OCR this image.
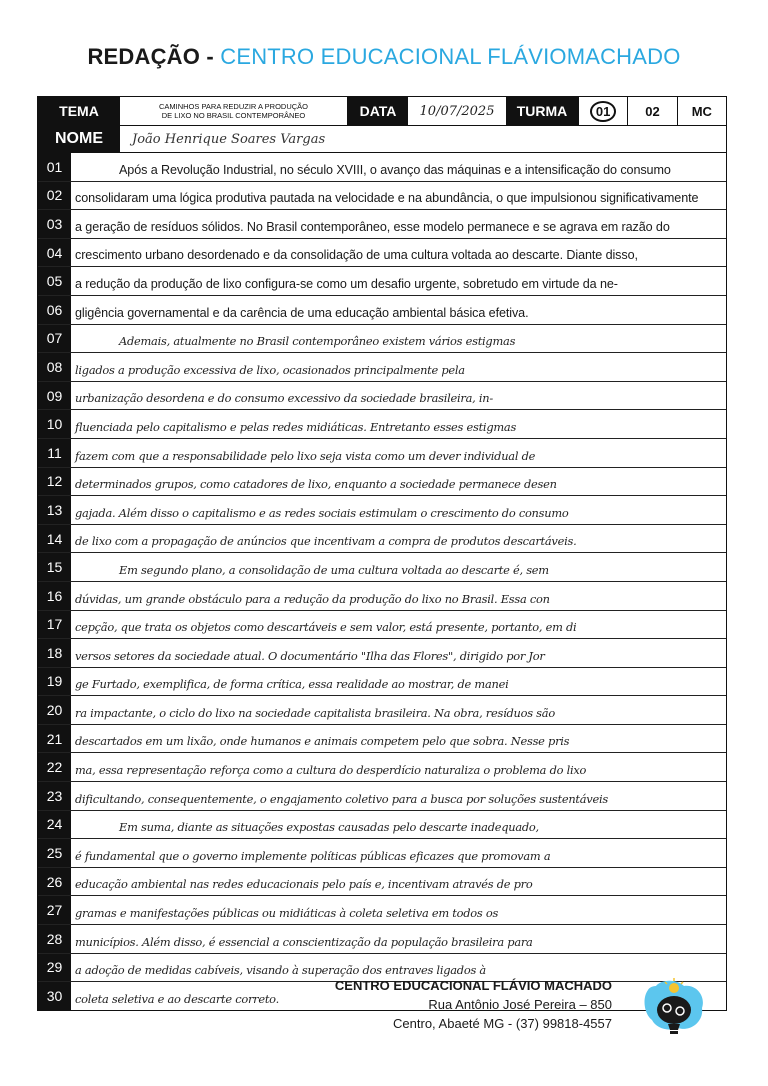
REDAÇÃO - CENTRO EDUCACIONAL FLÁVIOMACHADO
TEMA	CAMINHOS PARA REDUZIR A PRODUÇÃO
DE LIXO NO BRASIL CONTEMPORÂNEO	DATA	10/07/2025	TURMA	01	02	MC
NOME	João Henrique Soares Vargas
01	Após a Revolução Industrial, no século XVIII, o avanço das máquinas e a intensificação do consumo
02	consolidaram uma lógica produtiva pautada na velocidade e na abundância, o que impulsionou significativamente
03	a geração de resíduos sólidos. No Brasil contemporâneo, esse modelo permanece e se agrava em razão do
04	crescimento urbano desordenado e da consolidação de uma cultura voltada ao descarte. Diante disso,
05	a redução da produção de lixo configura-se como um desafio urgente, sobretudo em virtude da ne-
06	gligência governamental e da carência de uma educação ambiental básica efetiva.
07	Ademais, atualmente no Brasil contemporâneo existem vários estigmas
08	ligados a produção excessiva de lixo, ocasionados principalmente pela
09	urbanização desordena e do consumo excessivo da sociedade brasileira, in-
10	fluenciada pelo capitalismo e pelas redes midiáticas. Entretanto esses estigmas
11	fazem com que a responsabilidade pelo lixo seja vista como um dever individual de
12	determinados grupos, como catadores de lixo, enquanto a sociedade permanece desen
13	gajada. Além disso o capitalismo e as redes sociais estimulam o crescimento do consumo
14	de lixo com a propagação de anúncios que incentivam a compra de produtos descartáveis.
15	Em segundo plano, a consolidação de uma cultura voltada ao descarte é, sem
16	dúvidas, um grande obstáculo para a redução da produção do lixo no Brasil. Essa con
17	cepção, que trata os objetos como descartáveis e sem valor, está presente, portanto, em di
18	versos setores da sociedade atual. O documentário "Ilha das Flores", dirigido por Jor
19	ge Furtado, exemplifica, de forma crítica, essa realidade ao mostrar, de manei
20	ra impactante, o ciclo do lixo na sociedade capitalista brasileira. Na obra, resíduos são
21	descartados em um lixão, onde humanos e animais competem pelo que sobra. Nesse pris
22	ma, essa representação reforça como a cultura do desperdício naturaliza o problema do lixo
23	dificultando, consequentemente, o engajamento coletivo para a busca por soluções sustentáveis
24	Em suma, diante as situações expostas causadas pelo descarte inadequado,
25	é fundamental que o governo implemente políticas públicas eficazes que promovam a
26	educação ambiental nas redes educacionais pelo país e, incentivam através de pro
27	gramas e manifestações públicas ou midiáticas à coleta seletiva em todos os
28	municípios. Além disso, é essencial a conscientização da população brasileira para
29	a adoção de medidas cabíveis, visando à superação dos entraves ligados à
30	coleta seletiva e ao descarte correto.
CENTRO EDUCACIONAL FLÁVIO MACHADO
Rua Antônio José Pereira – 850
Centro, Abaeté MG - (37) 99818-4557
